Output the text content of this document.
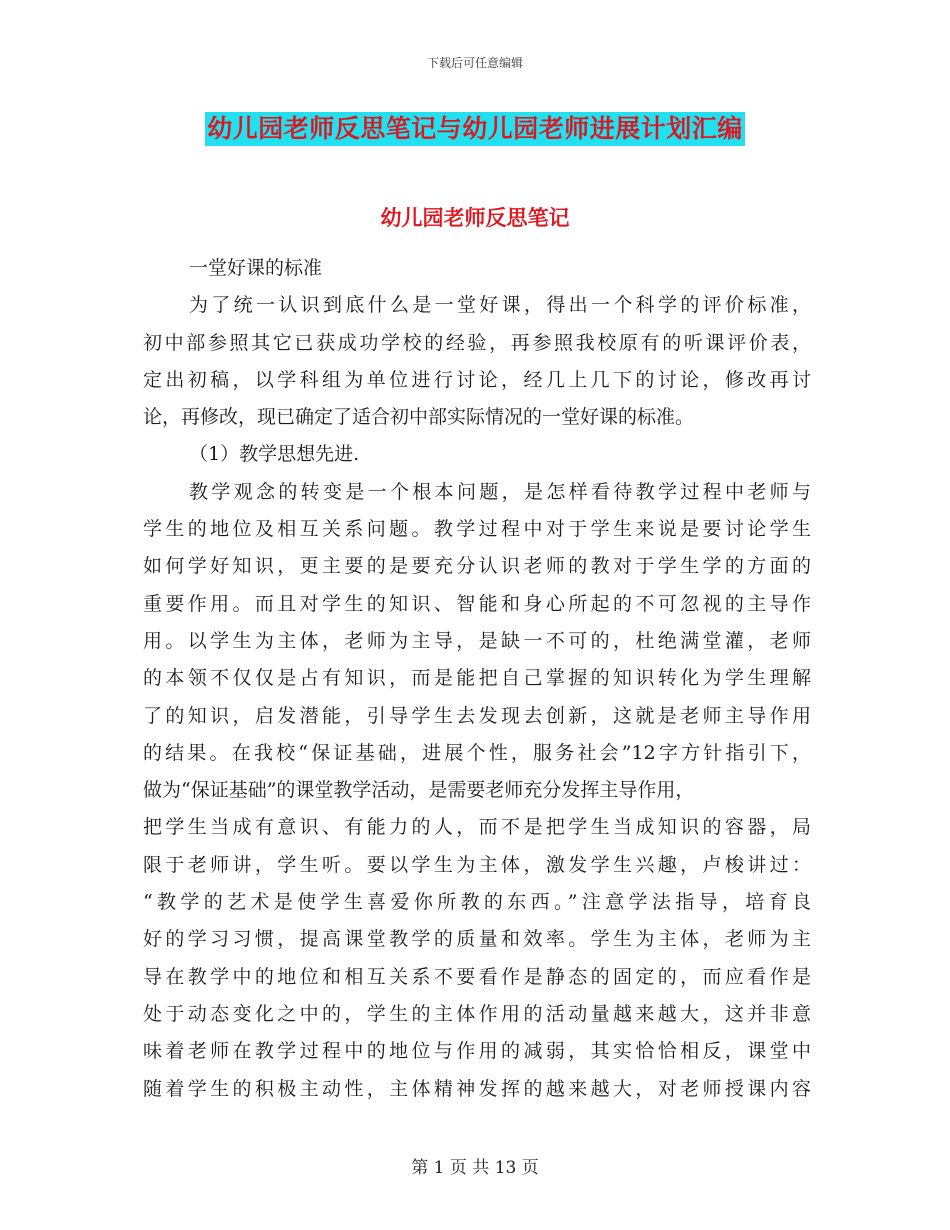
下载后可任意编辑
幼儿园老师反思笔记与幼儿园老师进展计划汇编
幼儿园老师反思笔记
一堂好课的标准
为了统一认识到底什么是一堂好课，得出一个科学的评价标准，
初中部参照其它已获成功学校的经验，再参照我校原有的听课评价表，
定出初稿，以学科组为单位进行讨论，经几上几下的讨论，修改再讨
论，再修改，现已确定了适合初中部实际情况的一堂好课的标准。
（1）教学思想先进.
教学观念的转变是一个根本问题，是怎样看待教学过程中老师与
学生的地位及相互关系问题。教学过程中对于学生来说是要讨论学生
如何学好知识，更主要的是要充分认识老师的教对于学生学的方面的
重要作用。而且对学生的知识、智能和身心所起的不可忽视的主导作
用。以学生为主体，老师为主导，是缺一不可的，杜绝满堂灌，老师
的本领不仅仅是占有知识，而是能把自己掌握的知识转化为学生理解
了的知识，启发潜能，引导学生去发现去创新，这就是老师主导作用
的结果。在我校“保证基础，进展个性，服务社会”12字方针指引下，
做为“保证基础”的课堂教学活动，是需要老师充分发挥主导作用，
把学生当成有意识、有能力的人，而不是把学生当成知识的容器，局
限于老师讲，学生听。要以学生为主体，激发学生兴趣，卢梭讲过：
“教学的艺术是使学生喜爱你所教的东西。”注意学法指导，培育良
好的学习习惯，提高课堂教学的质量和效率。学生为主体，老师为主
导在教学中的地位和相互关系不要看作是静态的固定的，而应看作是
处于动态变化之中的，学生的主体作用的活动量越来越大，这并非意
味着老师在教学过程中的地位与作用的减弱，其实恰恰相反，课堂中
随着学生的积极主动性，主体精神发挥的越来越大，对老师授课内容
第 1 页 共 13 页
